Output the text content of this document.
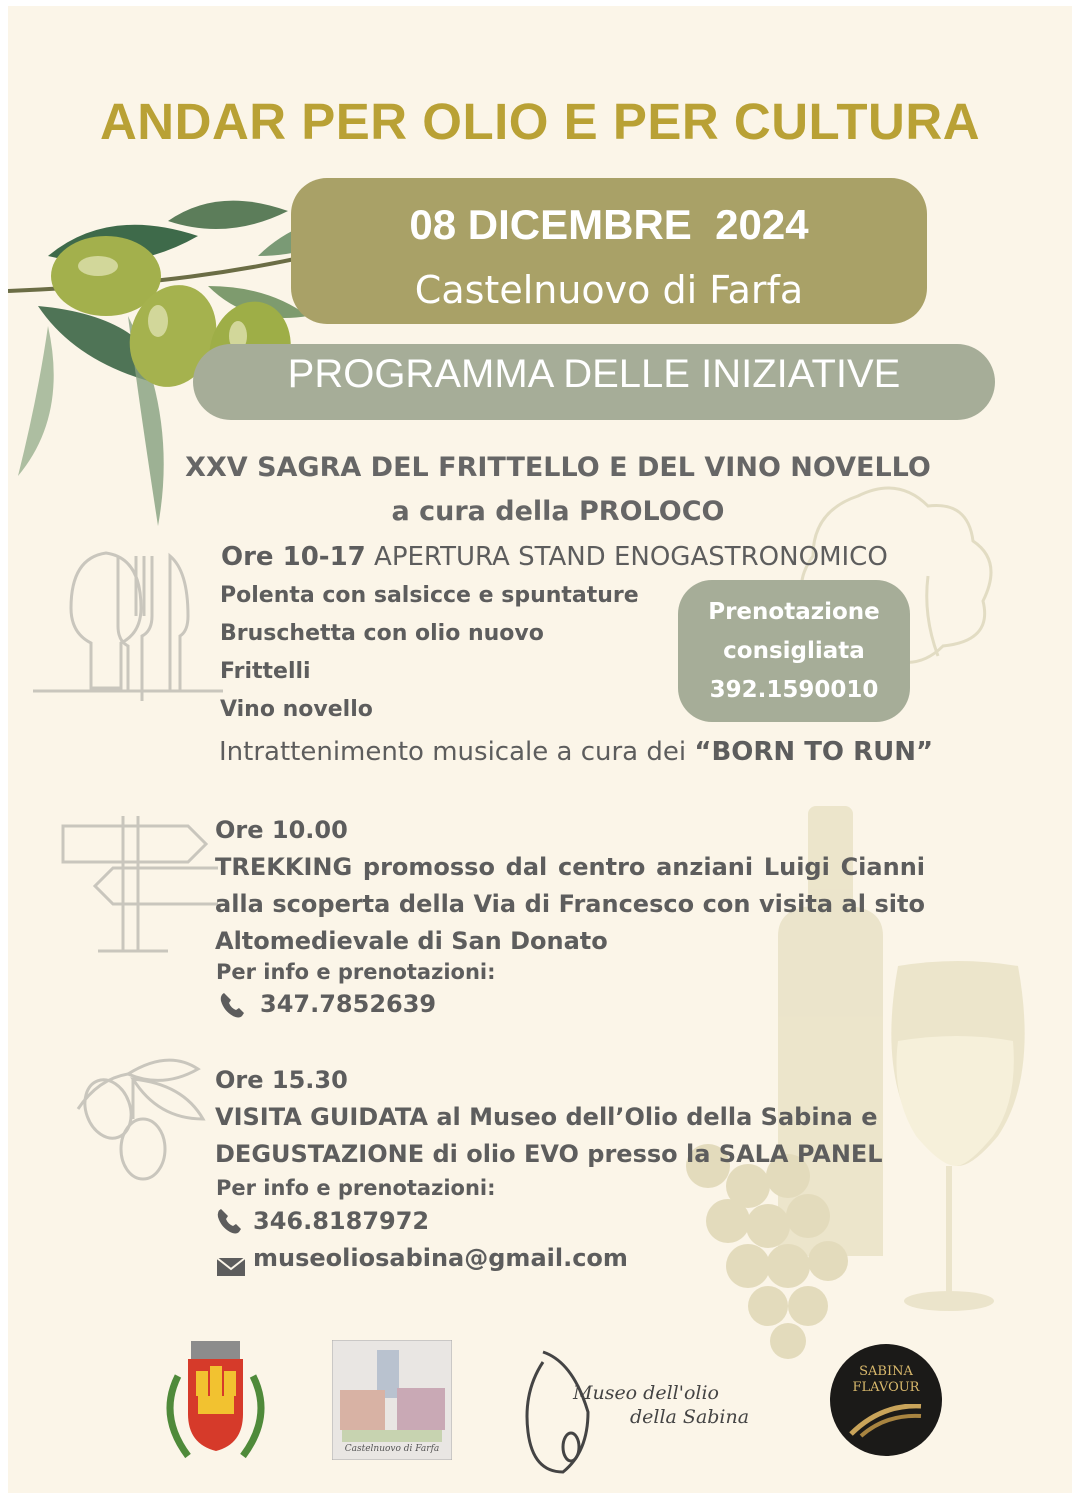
ANDAR PER OLIO E PER CULTURA
08 DICEMBRE  2024
Castelnuovo di Farfa
PROGRAMMA DELLE INIZIATIVE
XXV SAGRA DEL FRITTELLO E DEL VINO NOVELLO
a cura della PROLOCO
Ore 10-17 APERTURA STAND ENOGASTRONOMICO
Polenta con salsicce e spuntature
Bruschetta con olio nuovo
Frittelli
Vino novello
Prenotazione
consigliata
392.1590010
Intrattenimento musicale a cura dei “BORN TO RUN”
Ore 10.00
TREKKING promosso dal centro anziani Luigi Cianni alla scoperta della Via di Francesco con visita al sito Altomedievale di San Donato
Per info e prenotazioni:
347.7852639
Ore 15.30
VISITA GUIDATA al Museo dell’Olio della Sabina e
DEGUSTAZIONE di olio EVO presso la SALA PANEL
Per info e prenotazioni:
346.8187972
museoliosabina@gmail.com
Castelnuovo di Farfa
Museo dell'olio
della Sabina
SABINA
FLAVOUR
